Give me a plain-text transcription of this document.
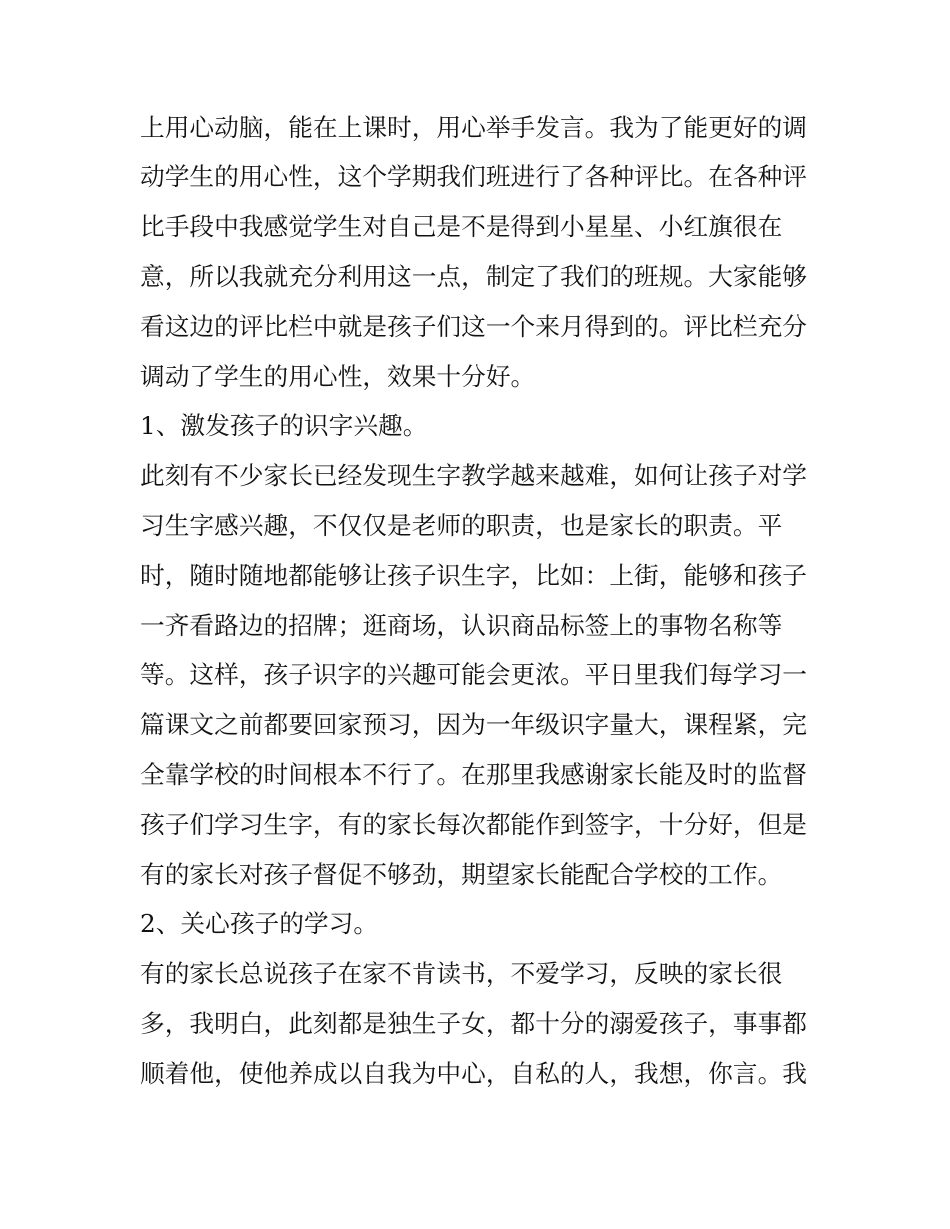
上用心动脑，能在上课时，用心举手发言。我为了能更好的调
动学生的用心性，这个学期我们班进行了各种评比。在各种评
比手段中我感觉学生对自己是不是得到小星星、小红旗很在
意，所以我就充分利用这一点，制定了我们的班规。大家能够
看这边的评比栏中就是孩子们这一个来月得到的。评比栏充分
调动了学生的用心性，效果十分好。
1、激发孩子的识字兴趣。
此刻有不少家长已经发现生字教学越来越难，如何让孩子对学
习生字感兴趣，不仅仅是老师的职责，也是家长的职责。平
时，随时随地都能够让孩子识生字，比如：上街，能够和孩子
一齐看路边的招牌；逛商场，认识商品标签上的事物名称等
等。这样，孩子识字的兴趣可能会更浓。平日里我们每学习一
篇课文之前都要回家预习，因为一年级识字量大，课程紧，完
全靠学校的时间根本不行了。在那里我感谢家长能及时的监督
孩子们学习生字，有的家长每次都能作到签字，十分好，但是
有的家长对孩子督促不够劲，期望家长能配合学校的工作。
2、关心孩子的学习。
有的家长总说孩子在家不肯读书，不爱学习，反映的家长很
多，我明白，此刻都是独生子女，都十分的溺爱孩子，事事都
顺着他，使他养成以自我为中心，自私的人，我想，你言。我
